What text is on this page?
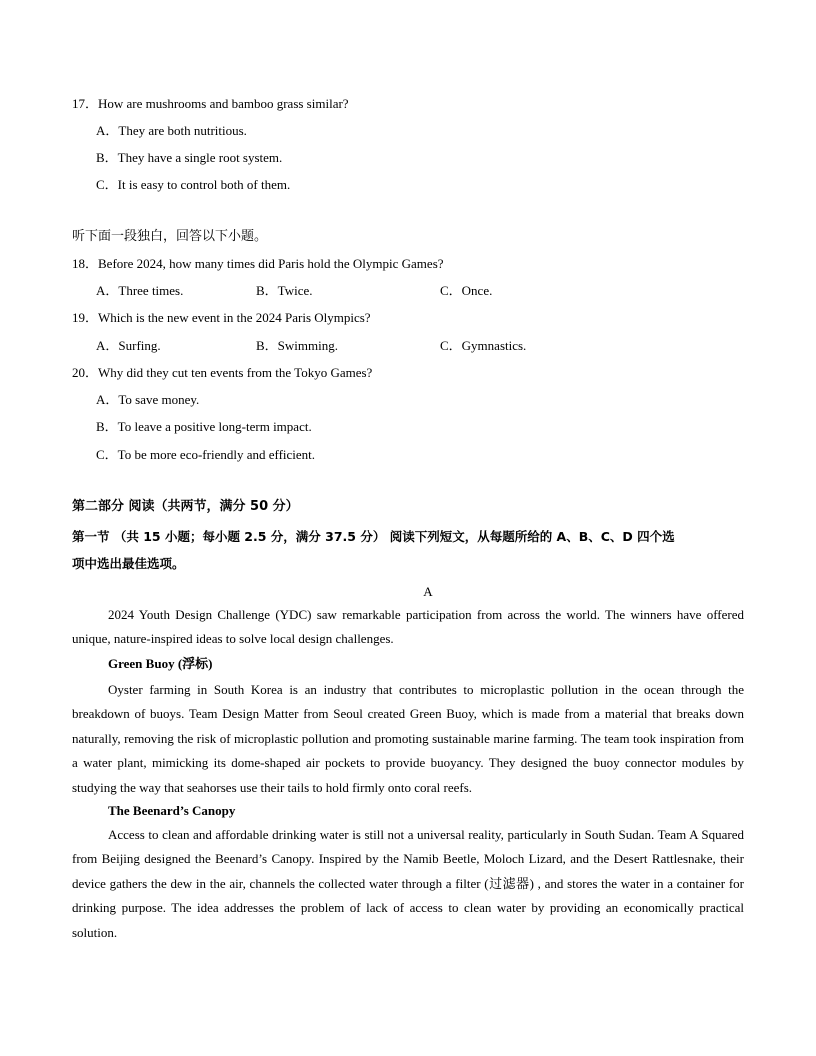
17．How are mushrooms and bamboo grass similar?
A．They are both nutritious.
B．They have a single root system.
C．It is easy to control both of them.
听下面一段独白，回答以下小题。
18．Before 2024, how many times did Paris hold the Olympic Games?
A．Three times.	B．Twice.	C．Once.
19．Which is the new event in the 2024 Paris Olympics?
A．Surfing.	B．Swimming.	C．Gymnastics.
20．Why did they cut ten events from the Tokyo Games?
A．To save money.
B．To leave a positive long-term impact.
C．To be more eco-friendly and efficient.
第二部分 阅读（共两节，满分 50 分）
第一节 （共 15 小题；每小题 2.5 分，满分 37.5 分） 阅读下列短文，从每题所给的 A、B、C、D 四个选
项中选出最佳选项。
A
2024 Youth Design Challenge (YDC) saw remarkable participation from across the world. The winners have offered unique, nature-inspired ideas to solve local design challenges.
Green Buoy (浮标)
Oyster farming in South Korea is an industry that contributes to microplastic pollution in the ocean through the breakdown of buoys. Team Design Matter from Seoul created Green Buoy, which is made from a material that breaks down naturally, removing the risk of microplastic pollution and promoting sustainable marine farming. The team took inspiration from a water plant, mimicking its dome-shaped air pockets to provide buoyancy. They designed the buoy connector modules by studying the way that seahorses use their tails to hold firmly onto coral reefs.
The Beenard’s Canopy
Access to clean and affordable drinking water is still not a universal reality, particularly in South Sudan. Team A Squared from Beijing designed the Beenard’s Canopy. Inspired by the Namib Beetle, Moloch Lizard, and the Desert Rattlesnake, their device gathers the dew in the air, channels the collected water through a filter (过滤器) , and stores the water in a container for drinking purpose. The idea addresses the problem of lack of access to clean water by providing an economically practical solution.
